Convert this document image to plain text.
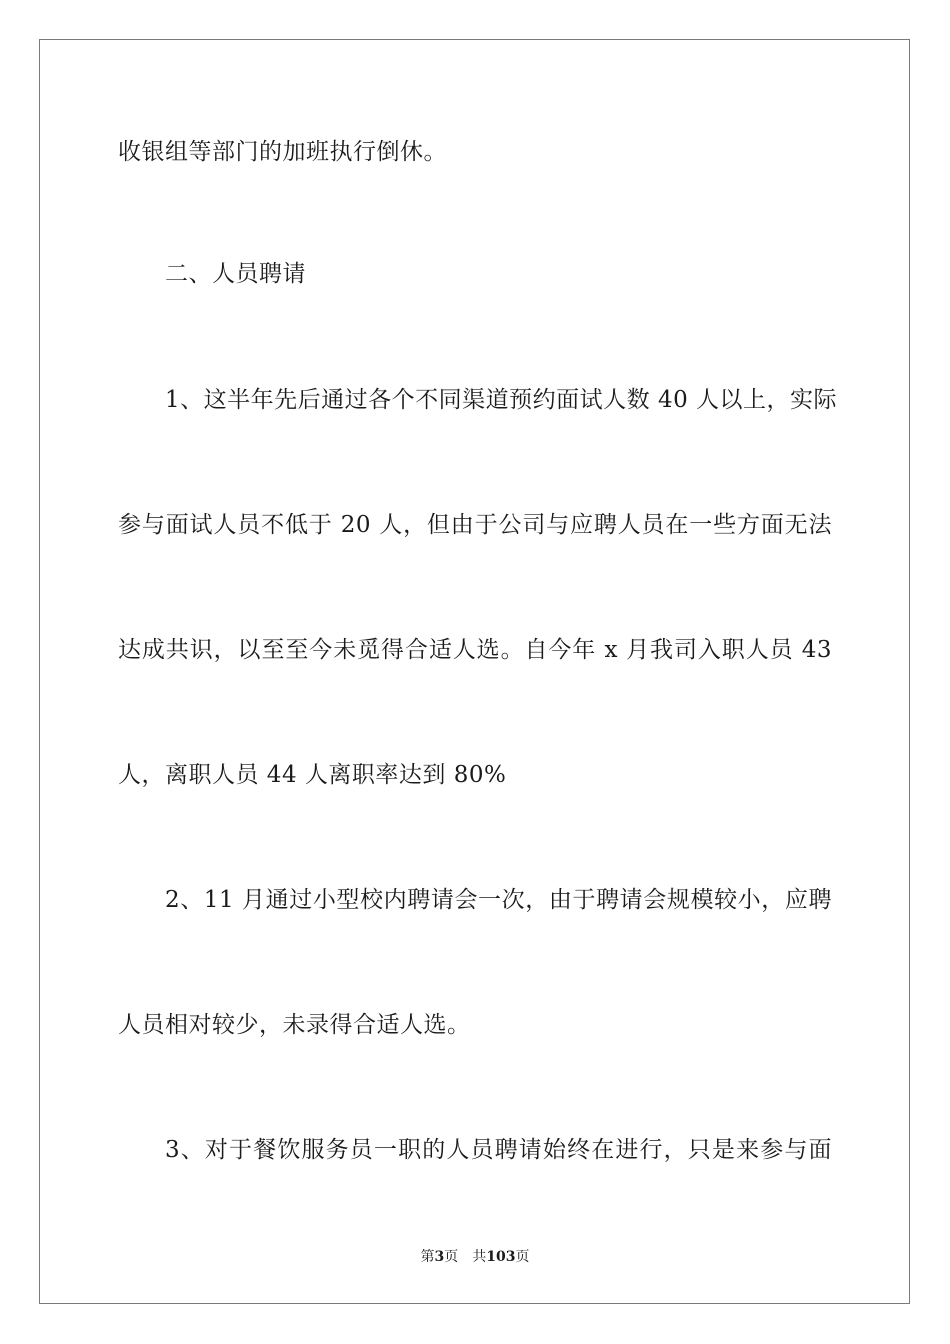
收银组等部门的加班执行倒休。
二、人员聘请
1、这半年先后通过各个不同渠道预约面试人数 40 人以上，实际
参与面试人员不低于 20 人，但由于公司与应聘人员在一些方面无法
达成共识，以至至今未觅得合适人选。自今年 x 月我司入职人员 43
人，离职人员 44 人离职率达到 80%
2、11 月通过小型校内聘请会一次，由于聘请会规模较小，应聘
人员相对较少，未录得合适人选。
3、对于餐饮服务员一职的人员聘请始终在进行，只是来参与面
第3页 共103页
